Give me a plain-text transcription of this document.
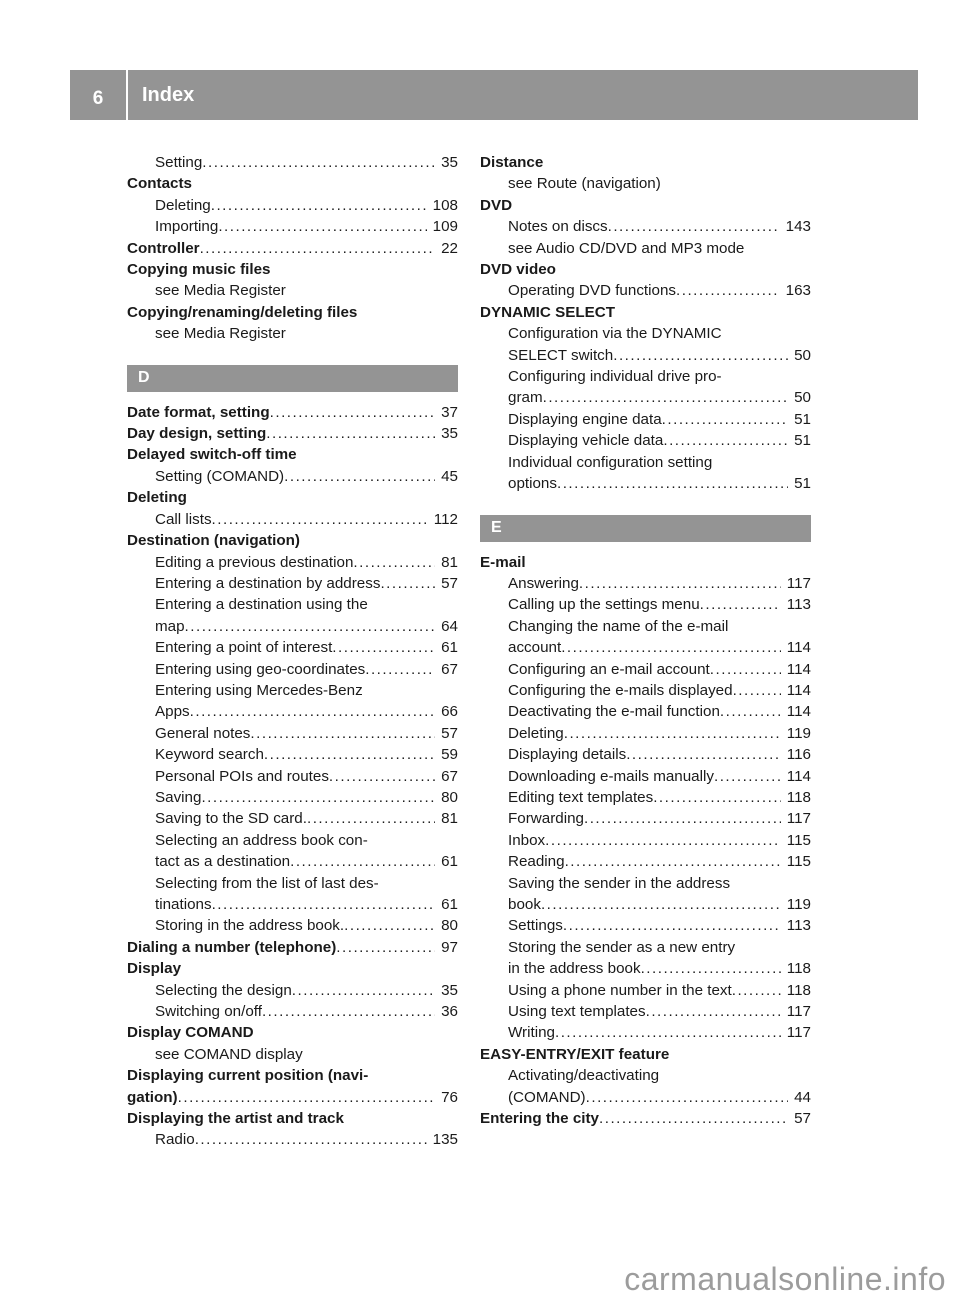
6	Index
Setting .....	35
Contacts
Deleting .....	108
Importing .....	109
Controller .....	22
Copying music files
see Media Register
Copying/renaming/deleting files
see Media Register
D
Date format, setting .....	37
Day design, setting .....	35
Delayed switch-off time
Setting (COMAND) .....	45
Deleting
Call lists .....	112
Destination (navigation)
Editing a previous destination .....	81
Entering a destination by address .....	57
Entering a destination using the
map .....	64
Entering a point of interest .....	61
Entering using geo-coordinates .....	67
Entering using Mercedes-Benz
Apps .....	66
General notes .....	57
Keyword search .....	59
Personal POIs and routes .....	67
Saving .....	80
Saving to the SD card. .....	81
Selecting an address book con-
tact as a destination .....	61
Selecting from the list of last des-
tinations .....	61
Storing in the address book. .....	80
Dialing a number (telephone) .....	97
Display
Selecting the design .....	35
Switching on/off .....	36
Display COMAND
see COMAND display
Displaying current position (navi-
gation) .....	76
Displaying the artist and track
Radio .....	135
Distance
see Route (navigation)
DVD
Notes on discs .....	143
see Audio CD/DVD and MP3 mode
DVD video
Operating DVD functions .....	163
DYNAMIC SELECT
Configuration via the DYNAMIC
SELECT switch .....	50
Configuring individual drive pro-
gram .....	50
Displaying engine data .....	51
Displaying vehicle data .....	51
Individual configuration setting
options .....	51
E
E-mail
Answering .....	117
Calling up the settings menu .....	113
Changing the name of the e-mail
account .....	114
Configuring an e-mail account .....	114
Configuring the e-mails displayed .....	114
Deactivating the e-mail function .....	114
Deleting .....	119
Displaying details .....	116
Downloading e-mails manually .....	114
Editing text templates .....	118
Forwarding .....	117
Inbox .....	115
Reading .....	115
Saving the sender in the address
book .....	119
Settings .....	113
Storing the sender as a new entry
in the address book .....	118
Using a phone number in the text .....	118
Using text templates .....	117
Writing .....	117
EASY-ENTRY/EXIT feature
Activating/deactivating
(COMAND) .....	44
Entering the city .....	57
carmanualsonline.info
